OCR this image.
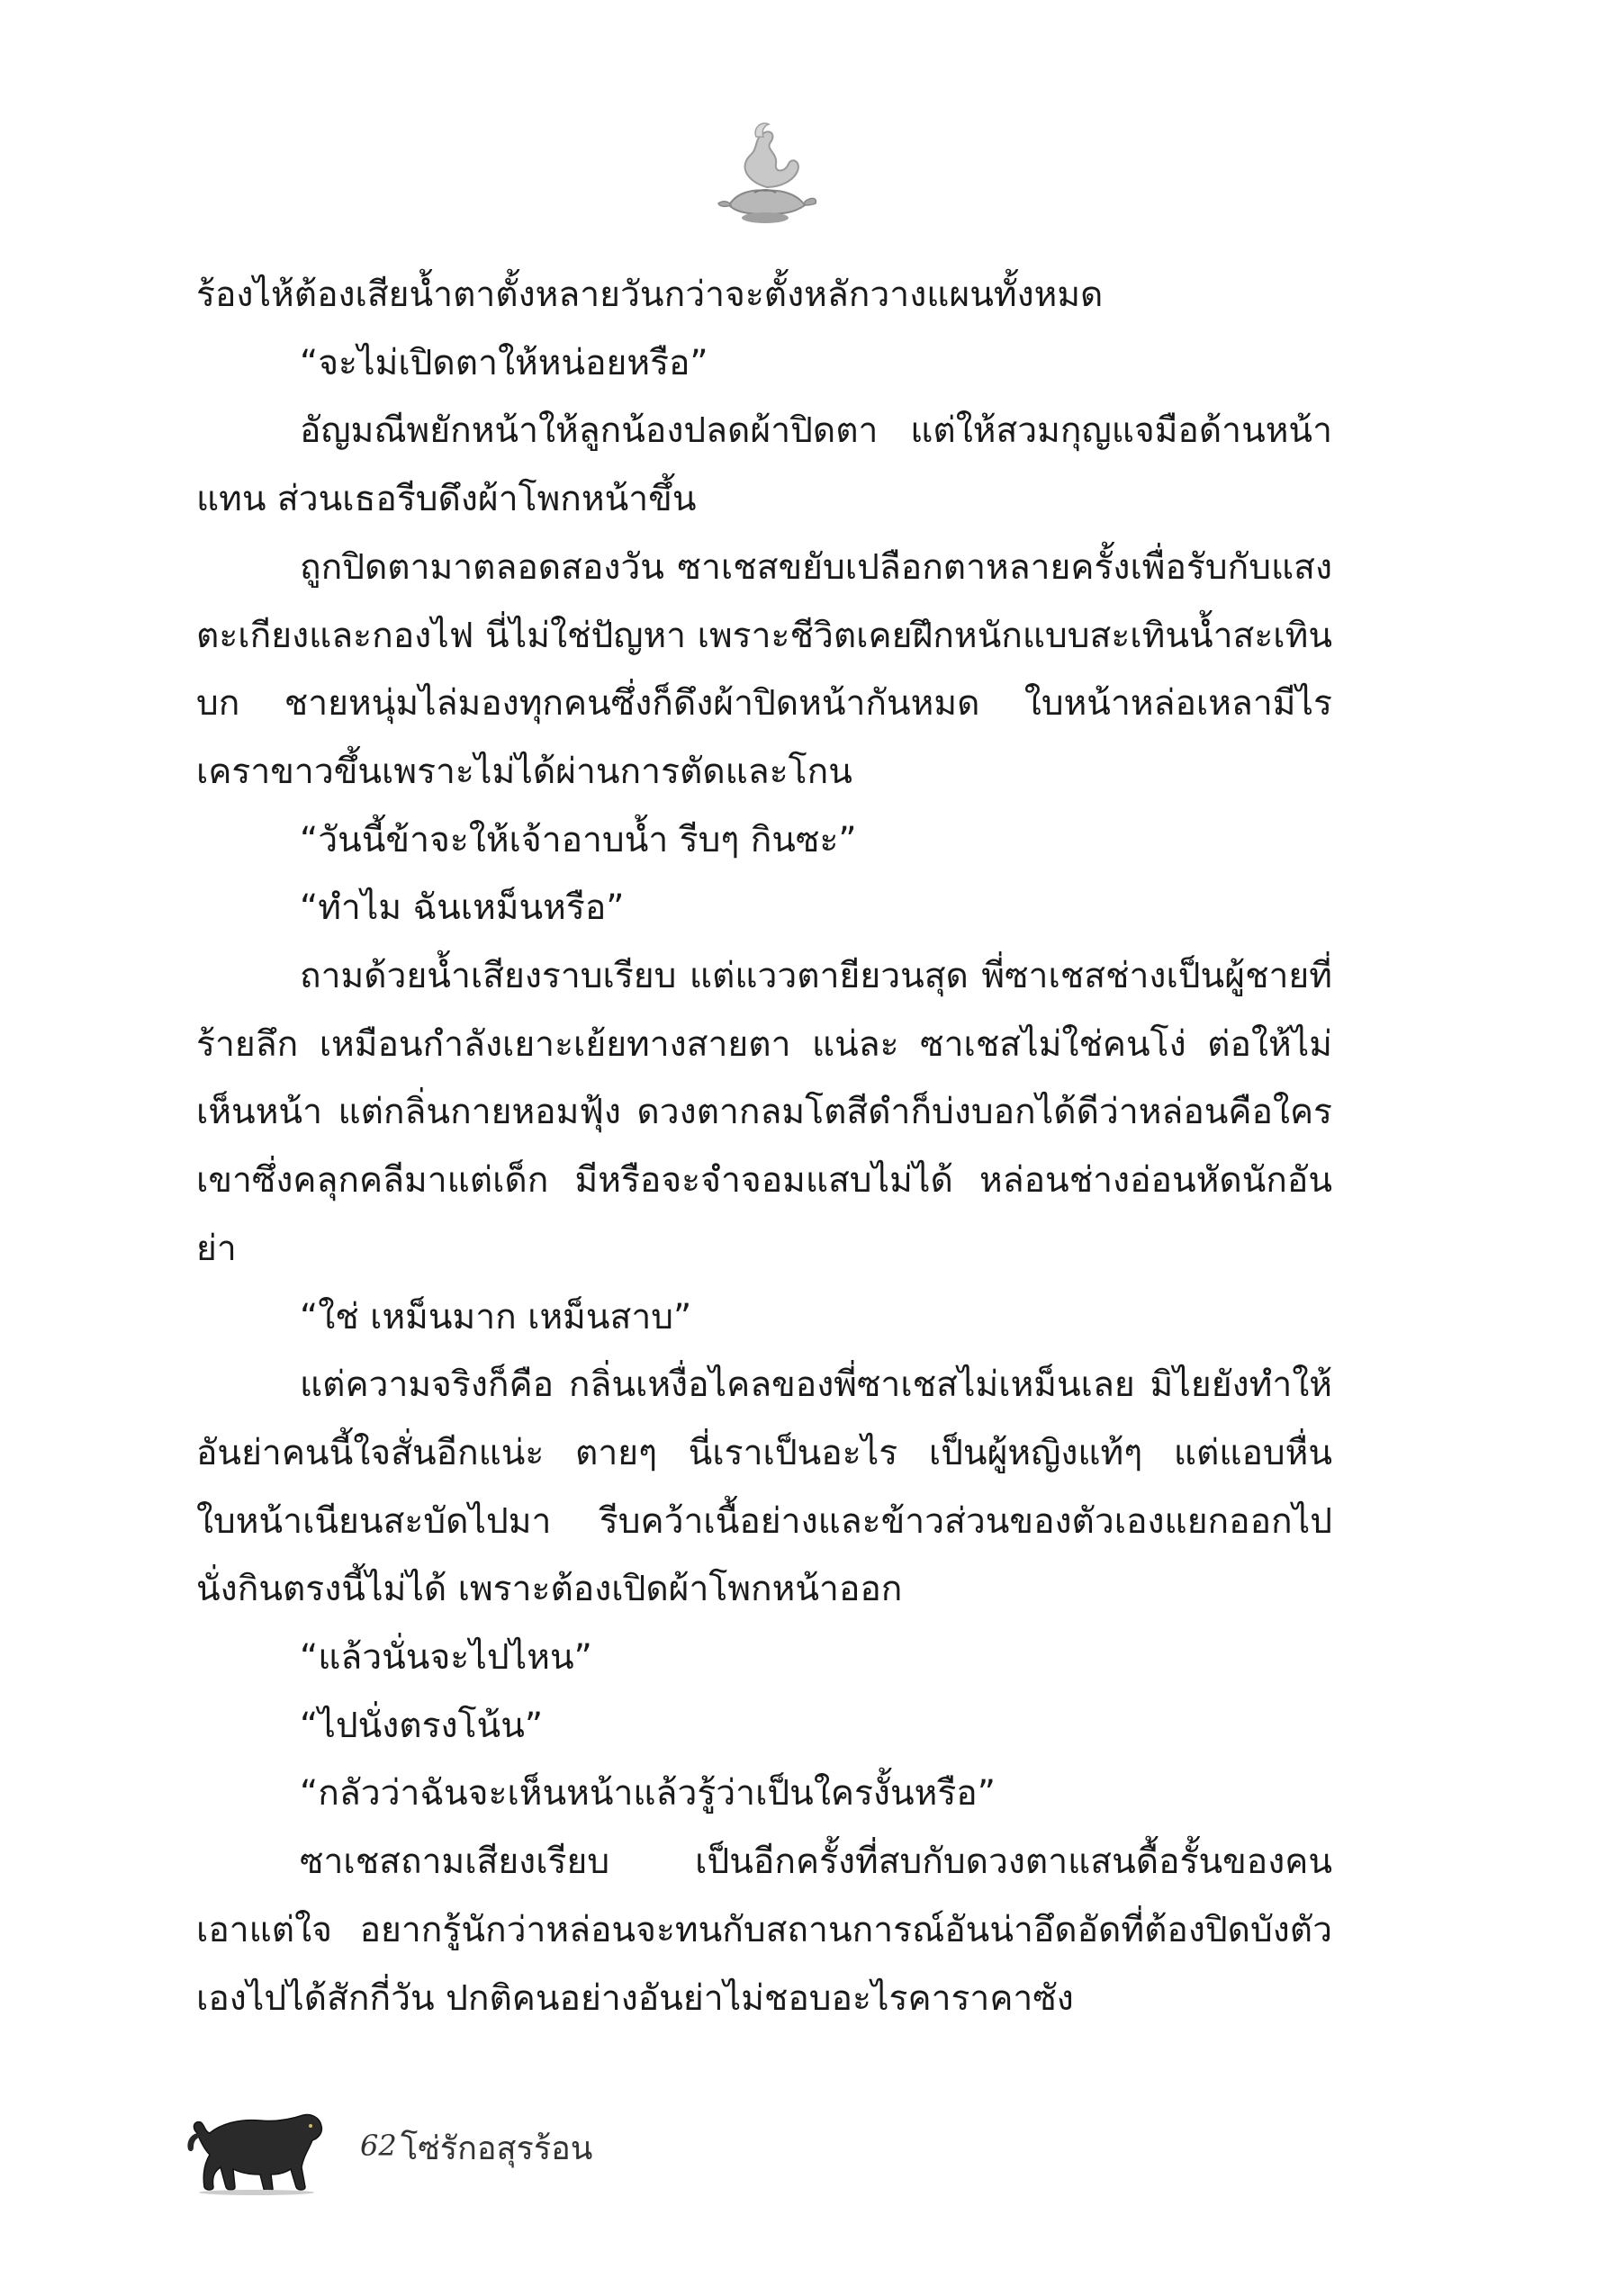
ร้องไห้ต้องเสียน้ำตาตั้งหลายวันกว่าจะตั้งหลักวางแผนทั้งหมด

“จะไม่เปิดตาให้หน่อยหรือ”

อัญมณีพยักหน้าให้ลูกน้องปลดผ้าปิดตา แต่ให้สวมกุญแจมือด้านหน้าแทน ส่วนเธอรีบดึงผ้าโพกหน้าขึ้น

ถูกปิดตามาตลอดสองวัน ซาเชสขยับเปลือกตาหลายครั้งเพื่อรับกับแสงตะเกียงและกองไฟ นี่ไม่ใช่ปัญหา เพราะชีวิตเคยฝึกหนักแบบสะเทินน้ำสะเทินบก ชายหนุ่มไล่มองทุกคนซึ่งก็ดึงผ้าปิดหน้ากันหมด ใบหน้าหล่อเหลามีไรเคราขาวขึ้นเพราะไม่ได้ผ่านการตัดและโกน

“วันนี้ข้าจะให้เจ้าอาบน้ำ รีบๆ กินซะ”

“ทำไม ฉันเหม็นหรือ”

ถามด้วยน้ำเสียงราบเรียบ แต่แววตายียวนสุด พี่ซาเชสช่างเป็นผู้ชายที่ร้ายลึก เหมือนกำลังเยาะเย้ยทางสายตา แน่ละ ซาเชสไม่ใช่คนโง่ ต่อให้ไม่เห็นหน้า แต่กลิ่นกายหอมฟุ้ง ดวงตากลมโตสีดำก็บ่งบอกได้ดีว่าหล่อนคือใคร เขาซึ่งคลุกคลีมาแต่เด็ก มีหรือจะจำจอมแสบไม่ได้ หล่อนช่างอ่อนหัดนักอันย่า

“ใช่ เหม็นมาก เหม็นสาบ”

แต่ความจริงก็คือ กลิ่นเหงื่อไคลของพี่ซาเชสไม่เหม็นเลย มิไยยังทำให้อันย่าคนนี้ใจสั่นอีกแน่ะ ตายๆ นี่เราเป็นอะไร เป็นผู้หญิงแท้ๆ แต่แอบหื่น ใบหน้าเนียนสะบัดไปมา รีบคว้าเนื้อย่างและข้าวส่วนของตัวเองแยกออกไป นั่งกินตรงนี้ไม่ได้ เพราะต้องเปิดผ้าโพกหน้าออก

“แล้วนั่นจะไปไหน”

“ไปนั่งตรงโน้น”

“กลัวว่าฉันจะเห็นหน้าแล้วรู้ว่าเป็นใครงั้นหรือ”

ซาเชสถามเสียงเรียบ เป็นอีกครั้งที่สบกับดวงตาแสนดื้อรั้นของคนเอาแต่ใจ อยากรู้นักว่าหล่อนจะทนกับสถานการณ์อันน่าอึดอัดที่ต้องปิดบังตัวเองไปได้สักกี่วัน ปกติคนอย่างอันย่าไม่ชอบอะไรคาราคาซัง

62 โซ่รักอสุรร้อน
